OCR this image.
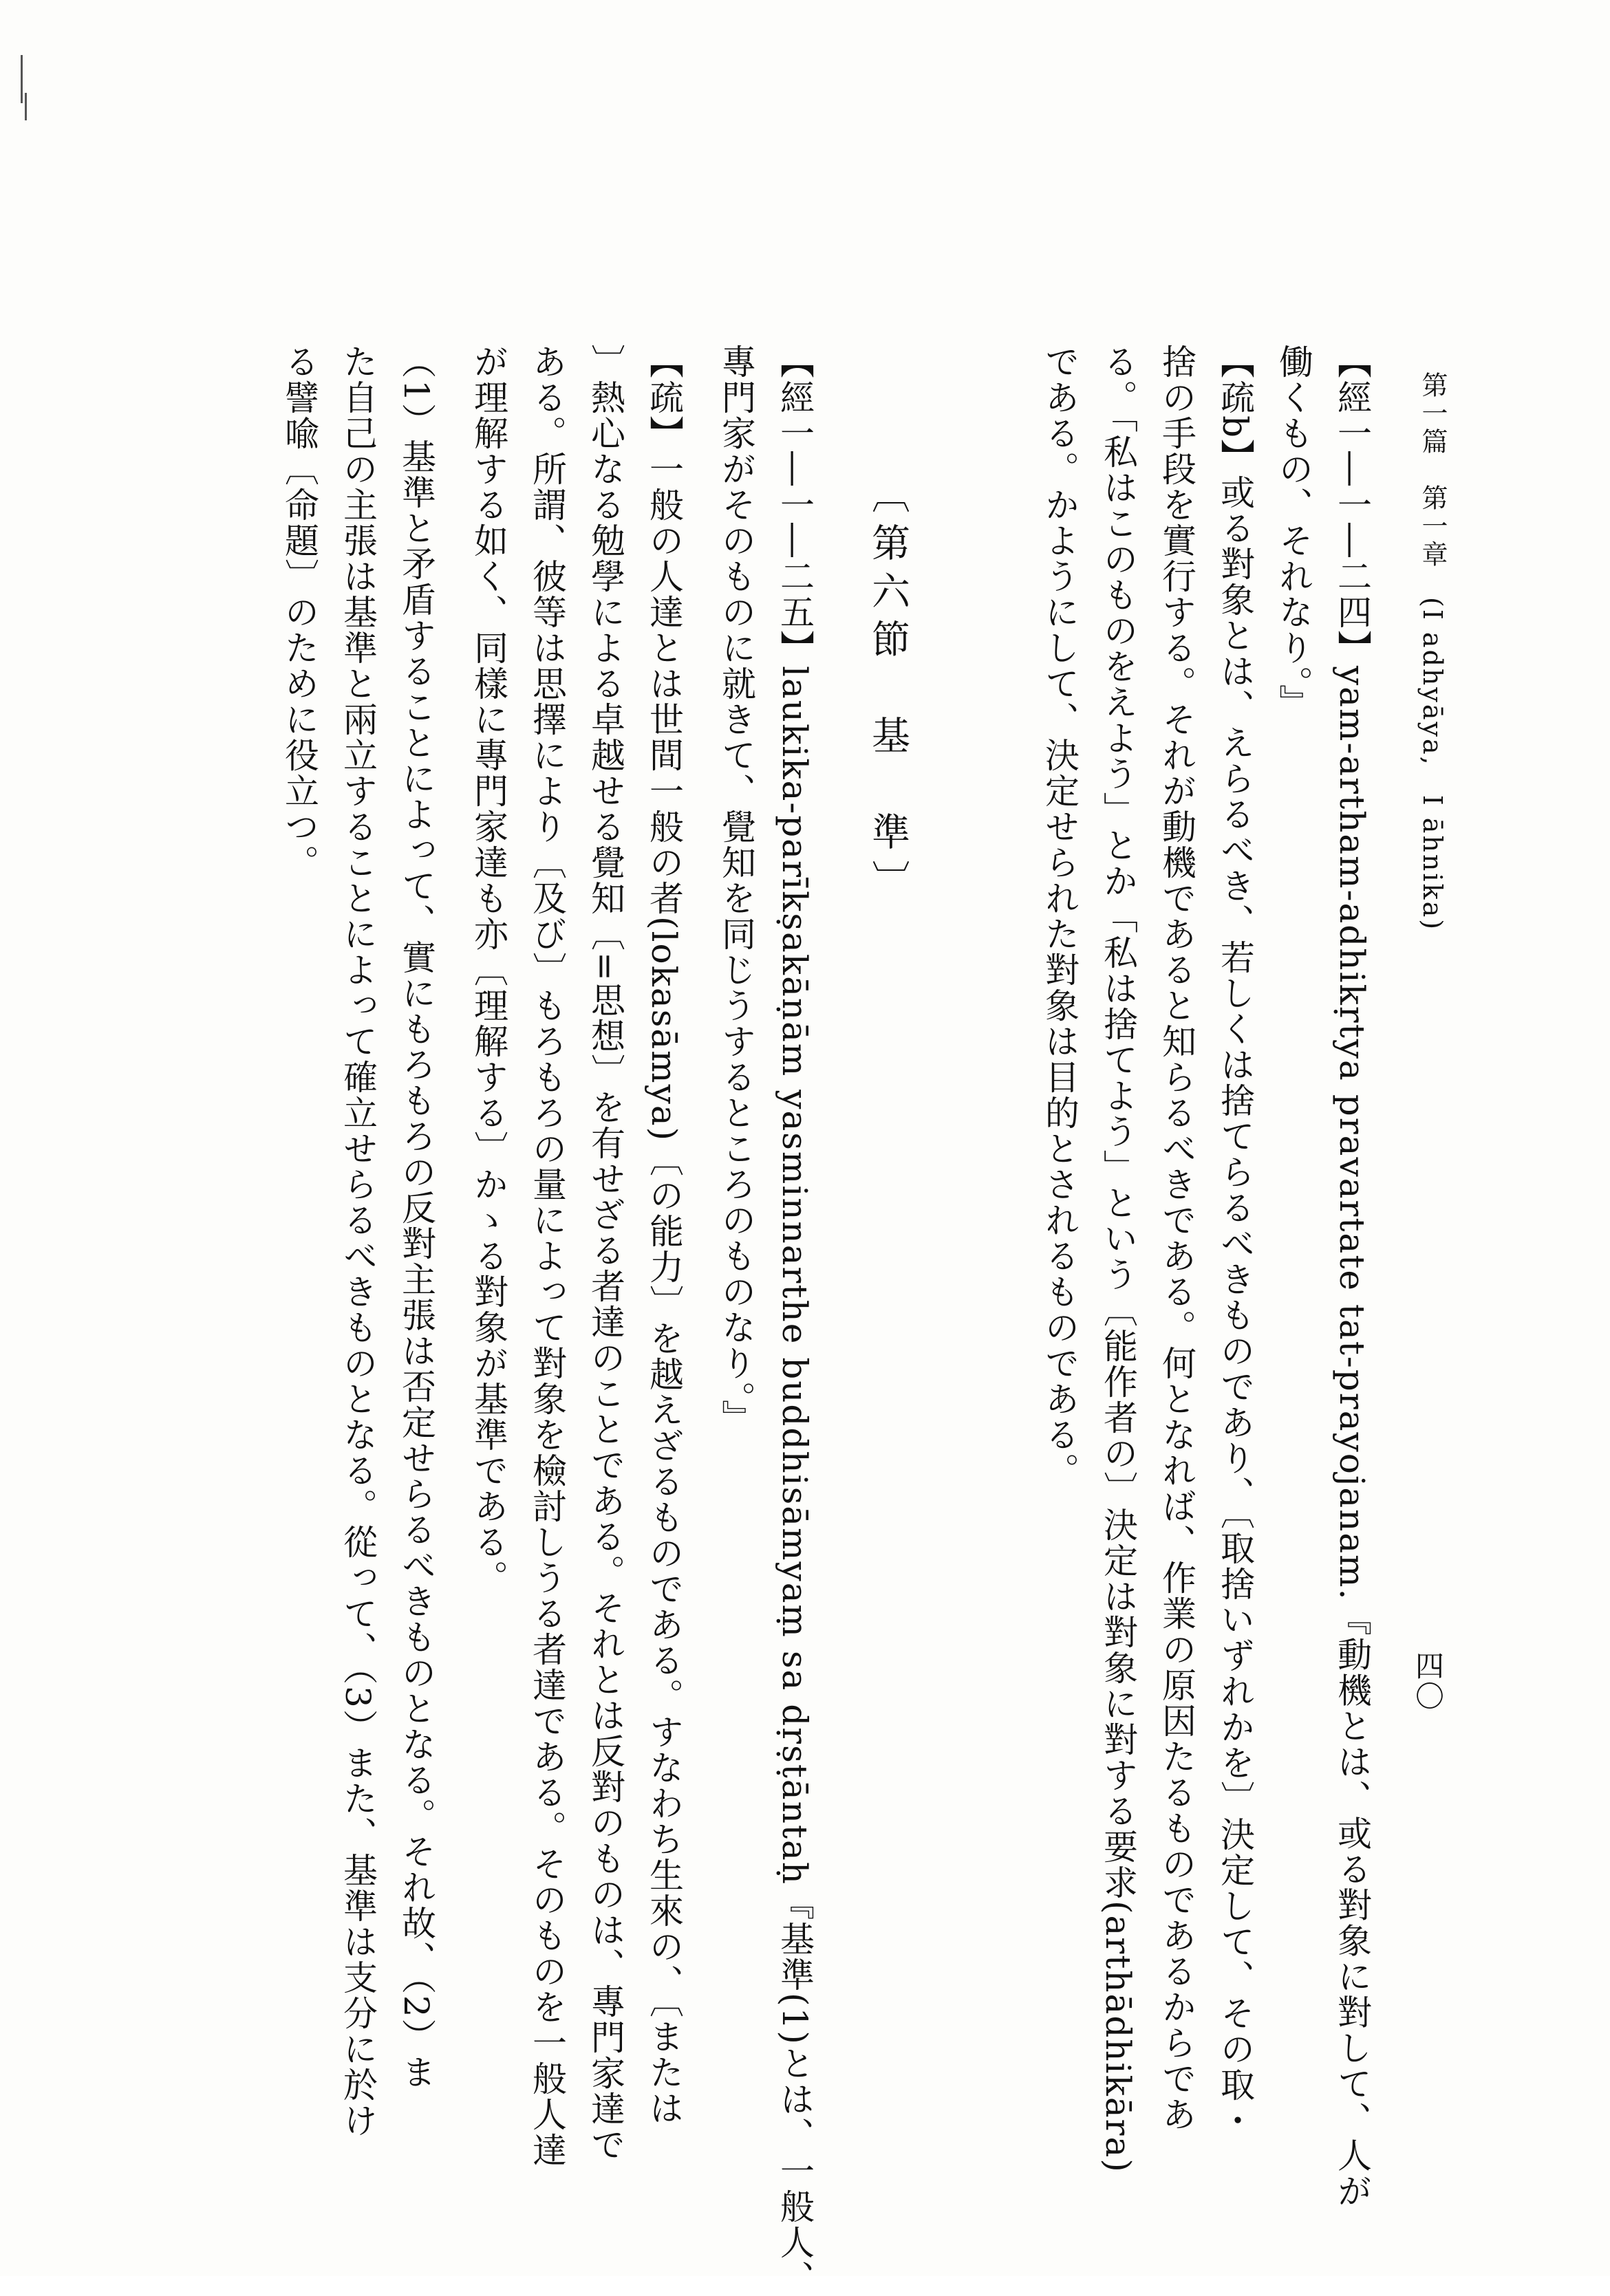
第一篇　第一章　(I adhyāya,　I āhnika)
四〇
【經一―一―二四】yam-artham-adhikṛtya pravartate tat-prayojanam.『動機とは、或る對象に對して、人が
働くもの、それなり。』
【疏b】或る對象とは、えらるべき、若しくは捨てらるべきものであり、〔取捨いずれかを〕決定して、その取・
捨の手段を實行する。それが動機であると知らるべきである。何となれば、作業の原因たるものであるからであ
る。「私はこのものをえよう」とか「私は捨てよう」という〔能作者の〕決定は對象に對する要求(arthādhikāra)
である。かようにして、決定せられた對象は目的とされるものである。
〔第六節　基　準〕
【經一―一―二五】laukika-parīkṣakāṇām yasminnarthe buddhisāmyaṃ sa dṛṣṭāntaḥ『基準(1)とは、一般人、
專門家がそのものに就きて、覺知を同じうするところのものなり。』
【疏】一般の人達とは世間一般の者(lokasāmya)〔の能力〕を越えざるものである。すなわち生來の、〔または
〕熱心なる勉學による卓越せる覺知〔=思想〕を有せざる者達のことである。それとは反對のものは、專門家達で
ある。所謂、彼等は思擇により〔及び〕もろもろの量によって對象を檢討しうる者達である。そのものを一般人達
が理解する如く、同樣に專門家達も亦〔理解する〕かゝる對象が基準である。
（1）基準と矛盾することによって、實にもろもろの反對主張は否定せらるべきものとなる。それ故、（2）ま
た自己の主張は基準と兩立することによって確立せらるべきものとなる。從って、（3）また、基準は支分に於け
る譬喩〔命題〕のために役立つ。
